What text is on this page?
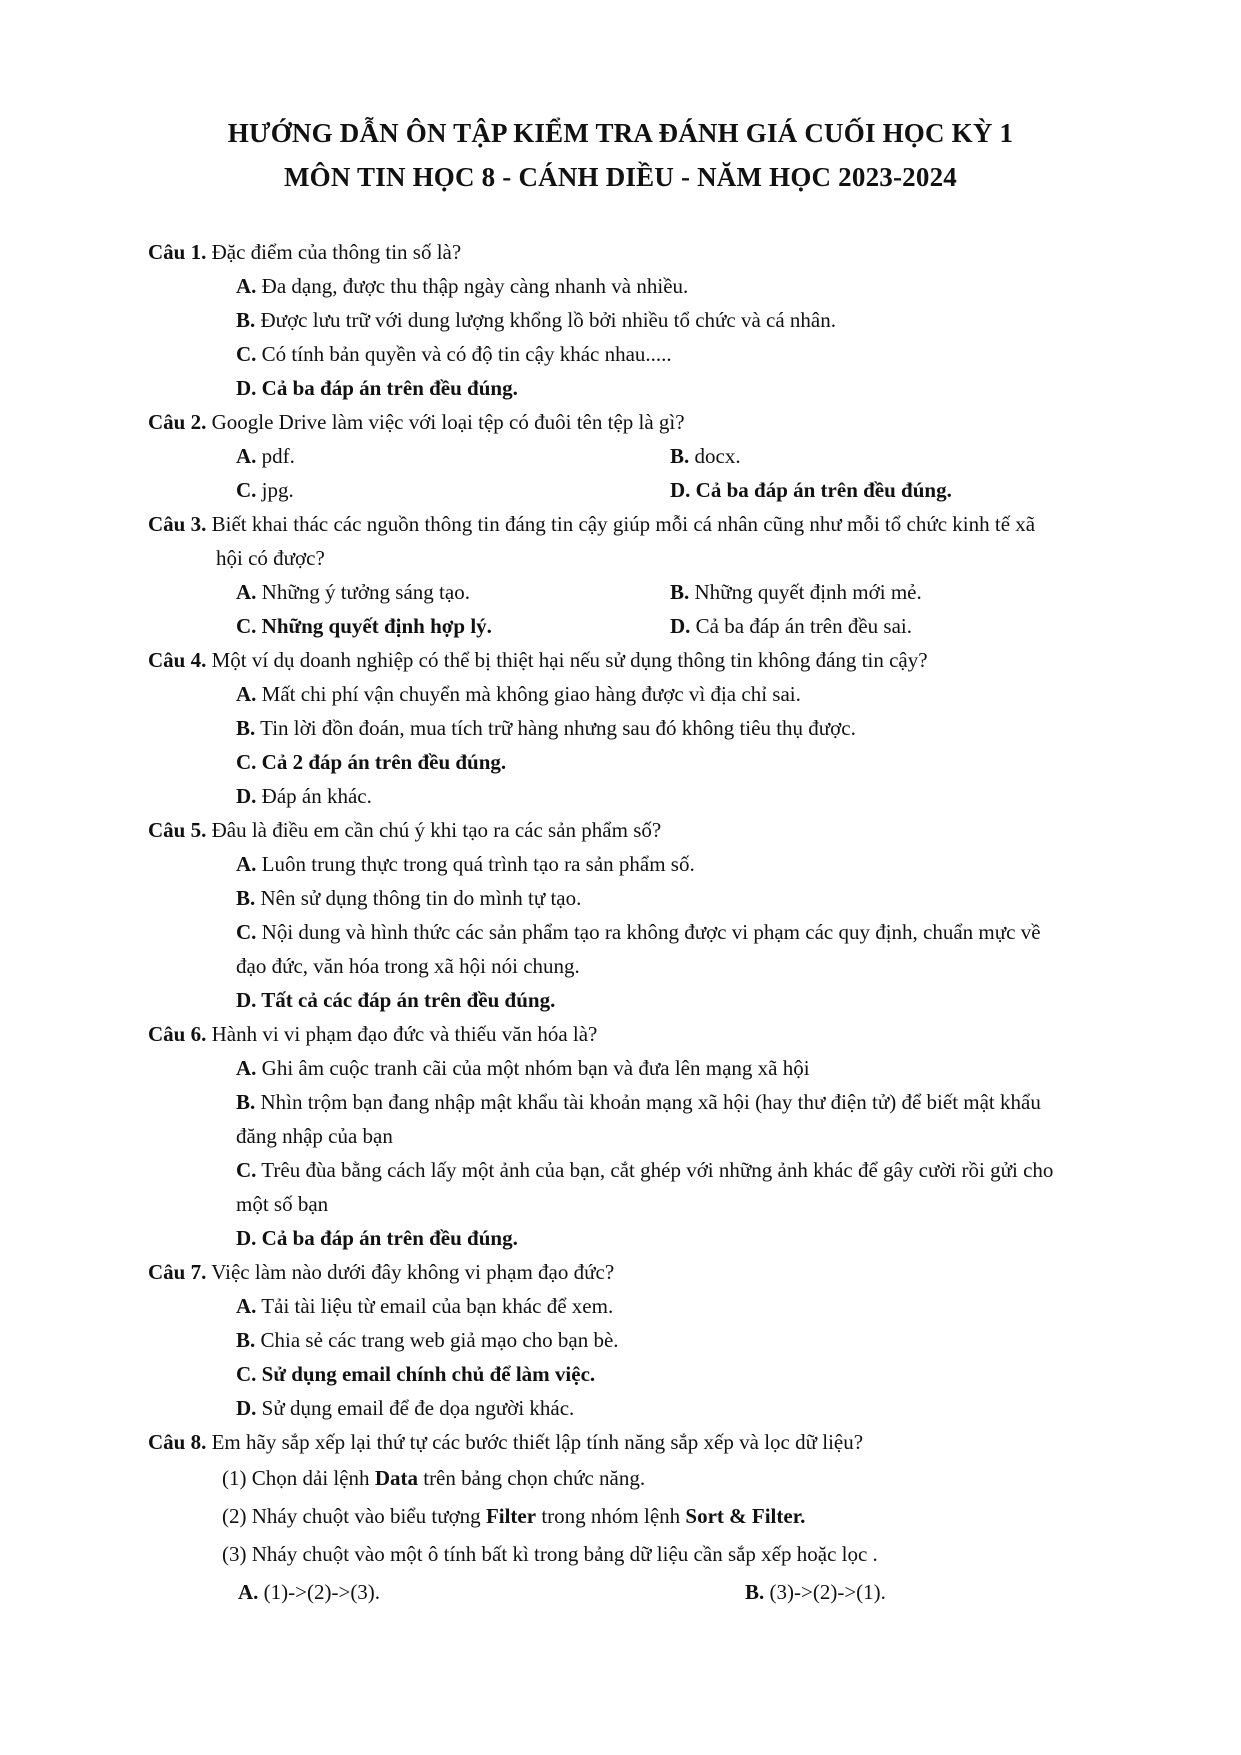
HƯỚNG DẪN ÔN TẬP KIỂM TRA ĐÁNH GIÁ CUỐI HỌC KỲ 1
MÔN TIN HỌC 8 - CÁNH DIỀU - NĂM HỌC 2023-2024
Câu 1. Đặc điểm của thông tin số là?
A. Đa dạng, được thu thập ngày càng nhanh và nhiều.
B. Được lưu trữ với dung lượng khổng lồ bởi nhiều tổ chức và cá nhân.
C. Có tính bản quyền và có độ tin cậy khác nhau.....
D. Cả ba đáp án trên đều đúng.
Câu 2. Google Drive làm việc với loại tệp có đuôi tên tệp là gì?
A. pdf.	B. docx.
C. jpg.	D. Cả ba đáp án trên đều đúng.
Câu 3. Biết khai thác các nguồn thông tin đáng tin cậy giúp mỗi cá nhân cũng như mỗi tổ chức kinh tế xã
hội có được?
A. Những ý tưởng sáng tạo.	B. Những quyết định mới mẻ.
C. Những quyết định hợp lý.	D. Cả ba đáp án trên đều sai.
Câu 4. Một ví dụ doanh nghiệp có thể bị thiệt hại nếu sử dụng thông tin không đáng tin cậy?
A. Mất chi phí vận chuyển mà không giao hàng được vì địa chỉ sai.
B. Tin lời đồn đoán, mua tích trữ hàng nhưng sau đó không tiêu thụ được.
C. Cả 2 đáp án trên đều đúng.
D. Đáp án khác.
Câu 5. Đâu là điều em cần chú ý khi tạo ra các sản phẩm số?
A. Luôn trung thực trong quá trình tạo ra sản phẩm số.
B. Nên sử dụng thông tin do mình tự tạo.
C. Nội dung và hình thức các sản phẩm tạo ra không được vi phạm các quy định, chuẩn mực về
đạo đức, văn hóa trong xã hội nói chung.
D. Tất cả các đáp án trên đều đúng.
Câu 6. Hành vi vi phạm đạo đức và thiếu văn hóa là?
A. Ghi âm cuộc tranh cãi của một nhóm bạn và đưa lên mạng xã hội
B. Nhìn trộm bạn đang nhập mật khẩu tài khoản mạng xã hội (hay thư điện tử) để biết mật khẩu
đăng nhập của bạn
C. Trêu đùa bằng cách lấy một ảnh của bạn, cắt ghép với những ảnh khác để gây cười rồi gửi cho
một số bạn
D. Cả ba đáp án trên đều đúng.
Câu 7. Việc làm nào dưới đây không vi phạm đạo đức?
A. Tải tài liệu từ email của bạn khác để xem.
B. Chia sẻ các trang web giả mạo cho bạn bè.
C. Sử dụng email chính chủ để làm việc.
D. Sử dụng email để đe dọa người khác.
Câu 8. Em hãy sắp xếp lại thứ tự các bước thiết lập tính năng sắp xếp và lọc dữ liệu?
(1) Chọn dải lệnh Data trên bảng chọn chức năng.
(2) Nháy chuột vào biểu tượng Filter trong nhóm lệnh Sort & Filter.
(3) Nháy chuột vào một ô tính bất kì trong bảng dữ liệu cần sắp xếp hoặc lọc .
A. (1)->(2)->(3).	B. (3)->(2)->(1).
